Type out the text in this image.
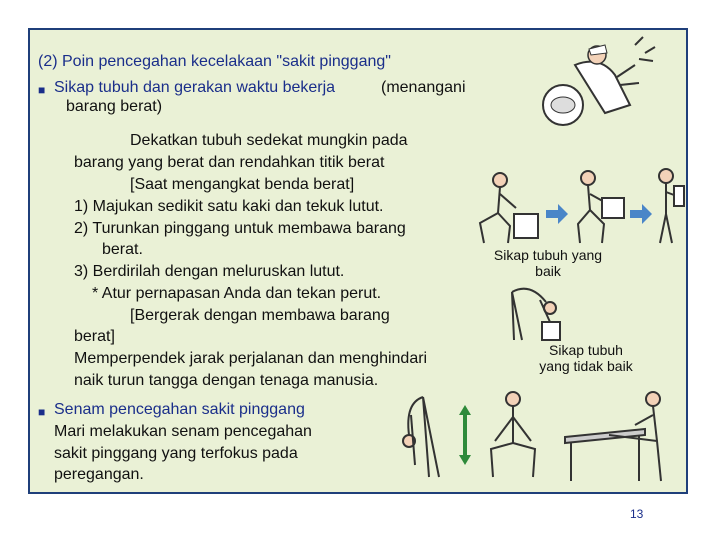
(2) Poin pencegahan kecelakaan "sakit pinggang"
■ Sikap tubuh dan gerakan waktu bekerja	(menangani
barang berat)
Dekatkan tubuh sedekat mungkin pada
barang yang berat dan rendahkan titik berat
[Saat mengangkat benda berat]
1) Majukan sedikit satu kaki dan tekuk lutut.
2) Turunkan pinggang untuk membawa barang
berat.
3) Berdirilah dengan meluruskan lutut.
* Atur pernapasan Anda dan tekan perut.
[Bergerak dengan membawa barang
berat]
Memperpendek jarak perjalanan dan menghindari
naik turun tangga dengan tenaga manusia.
■ Senam pencegahan sakit pinggang
Mari melakukan senam pencegahan
sakit pinggang yang terfokus pada
peregangan.
Sikap tubuh yang
baik
Sikap tubuh
yang tidak baik
13
